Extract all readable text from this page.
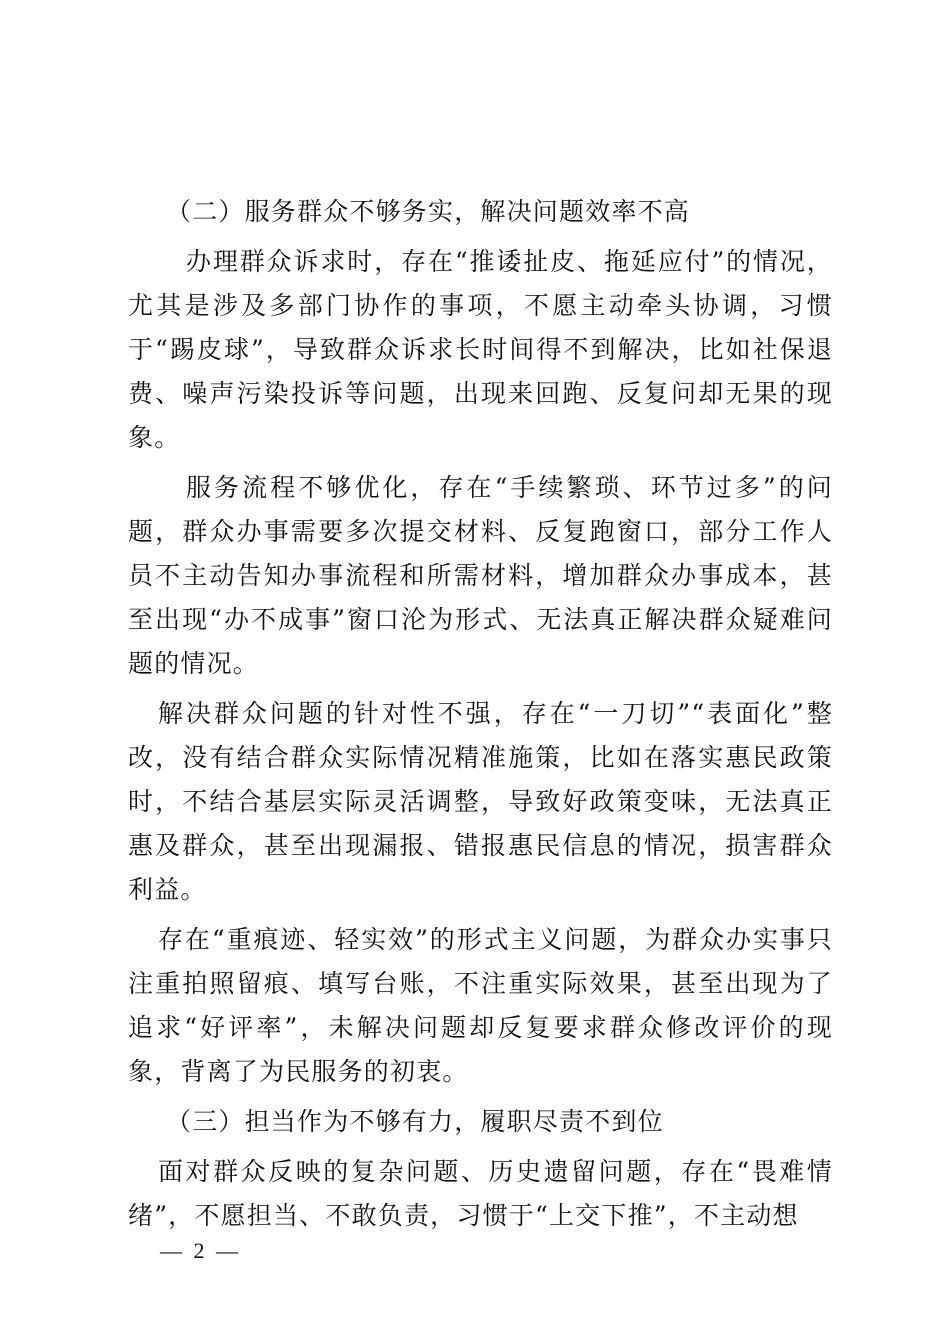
（二）服务群众不够务实，解决问题效率不高

办理群众诉求时，存在“推诿扯皮、拖延应付”的情况，尤其是涉及多部门协作的事项，不愿主动牵头协调，习惯于“踢皮球”，导致群众诉求长时间得不到解决，比如社保退费、噪声污染投诉等问题，出现来回跑、反复问却无果的现象。

服务流程不够优化，存在“手续繁琐、环节过多”的问题，群众办事需要多次提交材料、反复跑窗口，部分工作人员不主动告知办事流程和所需材料，增加群众办事成本，甚至出现“办不成事”窗口沦为形式、无法真正解决群众疑难问题的情况。

解决群众问题的针对性不强，存在“一刀切”“表面化”整改，没有结合群众实际情况精准施策，比如在落实惠民政策时，不结合基层实际灵活调整，导致好政策变味，无法真正惠及群众，甚至出现漏报、错报惠民信息的情况，损害群众利益。

存在“重痕迹、轻实效”的形式主义问题，为群众办实事只注重拍照留痕、填写台账，不注重实际效果，甚至出现为了追求“好评率”，未解决问题却反复要求群众修改评价的现象，背离了为民服务的初衷。

（三）担当作为不够有力，履职尽责不到位

面对群众反映的复杂问题、历史遗留问题，存在“畏难情绪”，不愿担当、不敢负责，习惯于“上交下推”，不主动想

— 2 —
